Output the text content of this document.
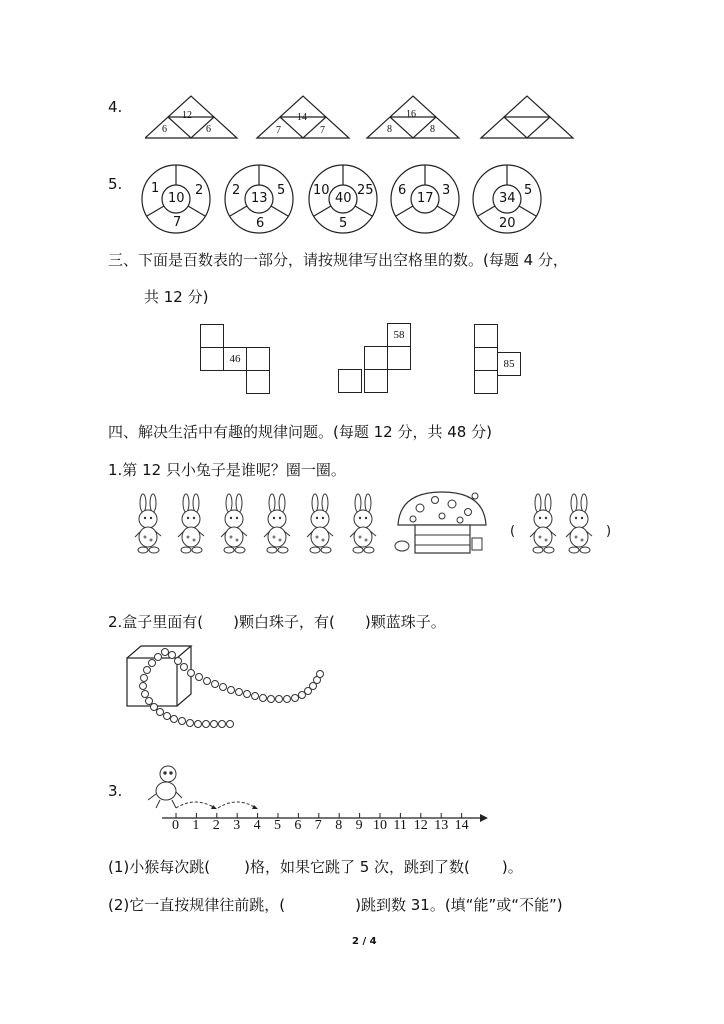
4.	12
6	6
14
7	7
16
8	8
5.
10
1	2
7
13
2	5
6
40
10 25
5
17
6	3
34
5
20
三、下面是百数表的一部分，请按规律写出空格里的数。(每题 4 分，
共 12 分)
46
58
85
四、解决生活中有趣的规律问题。(每题 12 分，共 48 分)
1.第 12 只小兔子是谁呢？圈一圈。
(	)
2.盒子里面有( )颗白珠子，有( )颗蓝珠子。
3.
0 1 2 3 4 5 6 7 8 9 10 11 12 13 14
(1)小猴每次跳( )格，如果它跳了 5 次，跳到了数( )。
(2)它一直按规律往前跳，(	)跳到数 31。(填“能”或“不能”)
2 / 4
